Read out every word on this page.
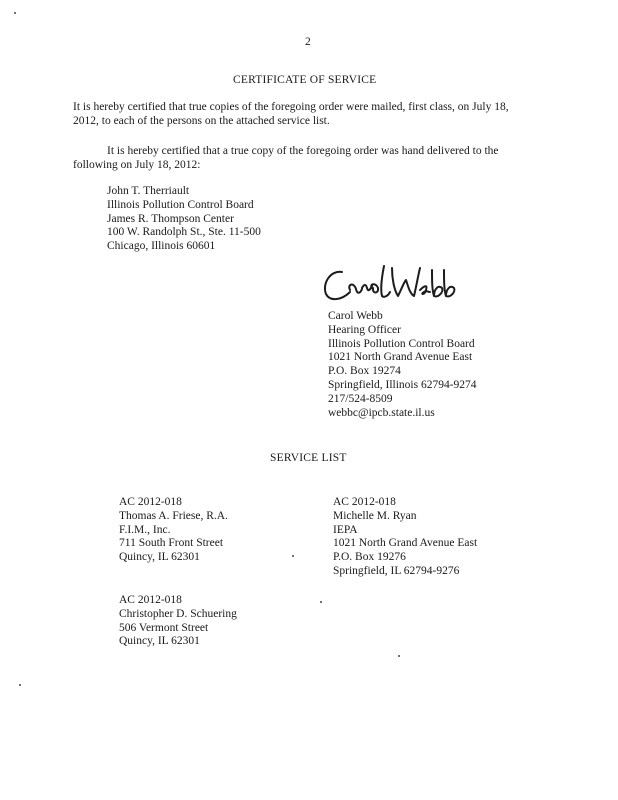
2
CERTIFICATE OF SERVICE
It is hereby certified that true copies of the foregoing order were mailed, first class, on July 18,
2012, to each of the persons on the attached service list.
It is hereby certified that a true copy of the foregoing order was hand delivered to the
following on July 18, 2012:
John T. Therriault
Illinois Pollution Control Board
James R. Thompson Center
100 W. Randolph St., Ste. 11-500
Chicago, Illinois 60601
Carol Webb
Hearing Officer
Illinois Pollution Control Board
1021 North Grand Avenue East
P.O. Box 19274
Springfield, Illinois 62794-9274
217/524-8509
webbc@ipcb.state.il.us
SERVICE LIST
AC 2012-018
Thomas A. Friese, R.A.
F.I.M., Inc.
711 South Front Street
Quincy, IL 62301
AC 2012-018
Michelle M. Ryan
IEPA
1021 North Grand Avenue East
P.O. Box 19276
Springfield, IL 62794-9276
AC 2012-018
Christopher D. Schuering
506 Vermont Street
Quincy, IL 62301
